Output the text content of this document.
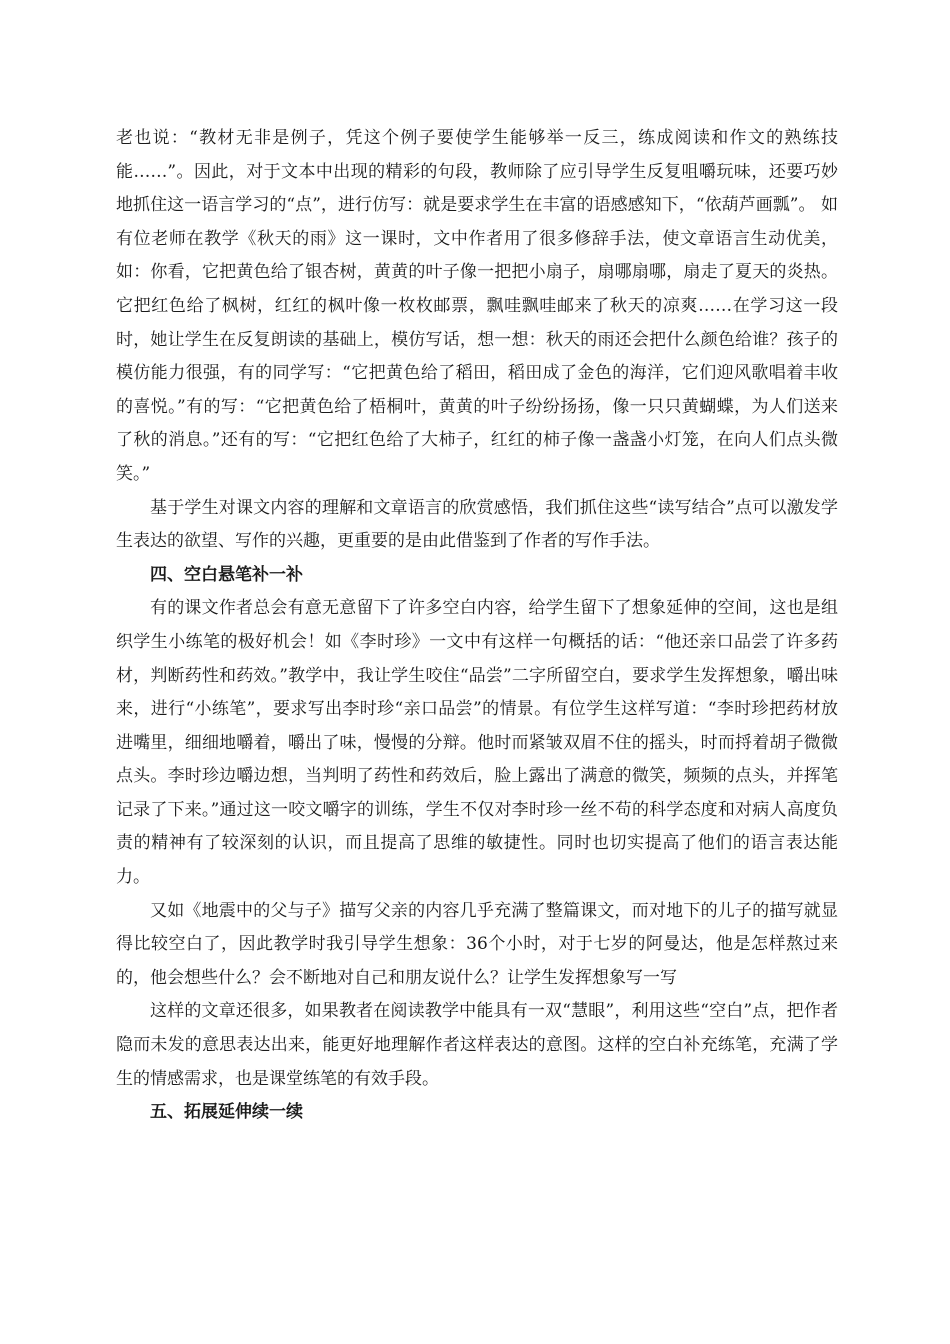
老也说：“教材无非是例子，凭这个例子要使学生能够举一反三，练成阅读和作文的熟练技能……”。因此，对于文本中出现的精彩的句段，教师除了应引导学生反复咀嚼玩味，还要巧妙地抓住这一语言学习的“点”，进行仿写：就是要求学生在丰富的语感感知下，“依葫芦画瓢”。 如有位老师在教学《秋天的雨》这一课时，文中作者用了很多修辞手法，使文章语言生动优美，如：你看，它把黄色给了银杏树，黄黄的叶子像一把把小扇子，扇哪扇哪，扇走了夏天的炎热。它把红色给了枫树，红红的枫叶像一枚枚邮票，飘哇飘哇邮来了秋天的凉爽……在学习这一段时，她让学生在反复朗读的基础上，模仿写话，想一想：秋天的雨还会把什么颜色给谁？孩子的模仿能力很强，有的同学写：“它把黄色给了稻田，稻田成了金色的海洋，它们迎风歌唱着丰收的喜悦。”有的写：“它把黄色给了梧桐叶，黄黄的叶子纷纷扬扬，像一只只黄蝴蝶，为人们送来了秋的消息。”还有的写：“它把红色给了大柿子，红红的柿子像一盏盏小灯笼，在向人们点头微笑。”

基于学生对课文内容的理解和文章语言的欣赏感悟，我们抓住这些“读写结合”点可以激发学生表达的欲望、写作的兴趣，更重要的是由此借鉴到了作者的写作手法。

四、空白悬笔补一补

有的课文作者总会有意无意留下了许多空白内容，给学生留下了想象延伸的空间，这也是组织学生小练笔的极好机会！如《李时珍》一文中有这样一句概括的话：“他还亲口品尝了许多药材，判断药性和药效。”教学中，我让学生咬住“品尝”二字所留空白，要求学生发挥想象，嚼出味来，进行“小练笔”，要求写出李时珍“亲口品尝”的情景。有位学生这样写道：“李时珍把药材放进嘴里，细细地嚼着，嚼出了味，慢慢的分辩。他时而紧皱双眉不住的摇头，时而捋着胡子微微点头。李时珍边嚼边想，当判明了药性和药效后，脸上露出了满意的微笑，频频的点头，并挥笔记录了下来。”通过这一咬文嚼字的训练，学生不仅对李时珍一丝不苟的科学态度和对病人高度负责的精神有了较深刻的认识，而且提高了思维的敏捷性。同时也切实提高了他们的语言表达能力。

又如《地震中的父与子》描写父亲的内容几乎充满了整篇课文，而对地下的儿子的描写就显得比较空白了，因此教学时我引导学生想象：36个小时，对于七岁的阿曼达，他是怎样熬过来的，他会想些什么？会不断地对自己和朋友说什么？让学生发挥想象写一写

这样的文章还很多，如果教者在阅读教学中能具有一双“慧眼”，利用这些“空白”点，把作者隐而未发的意思表达出来，能更好地理解作者这样表达的意图。这样的空白补充练笔，充满了学生的情感需求，也是课堂练笔的有效手段。

五、拓展延伸续一续
